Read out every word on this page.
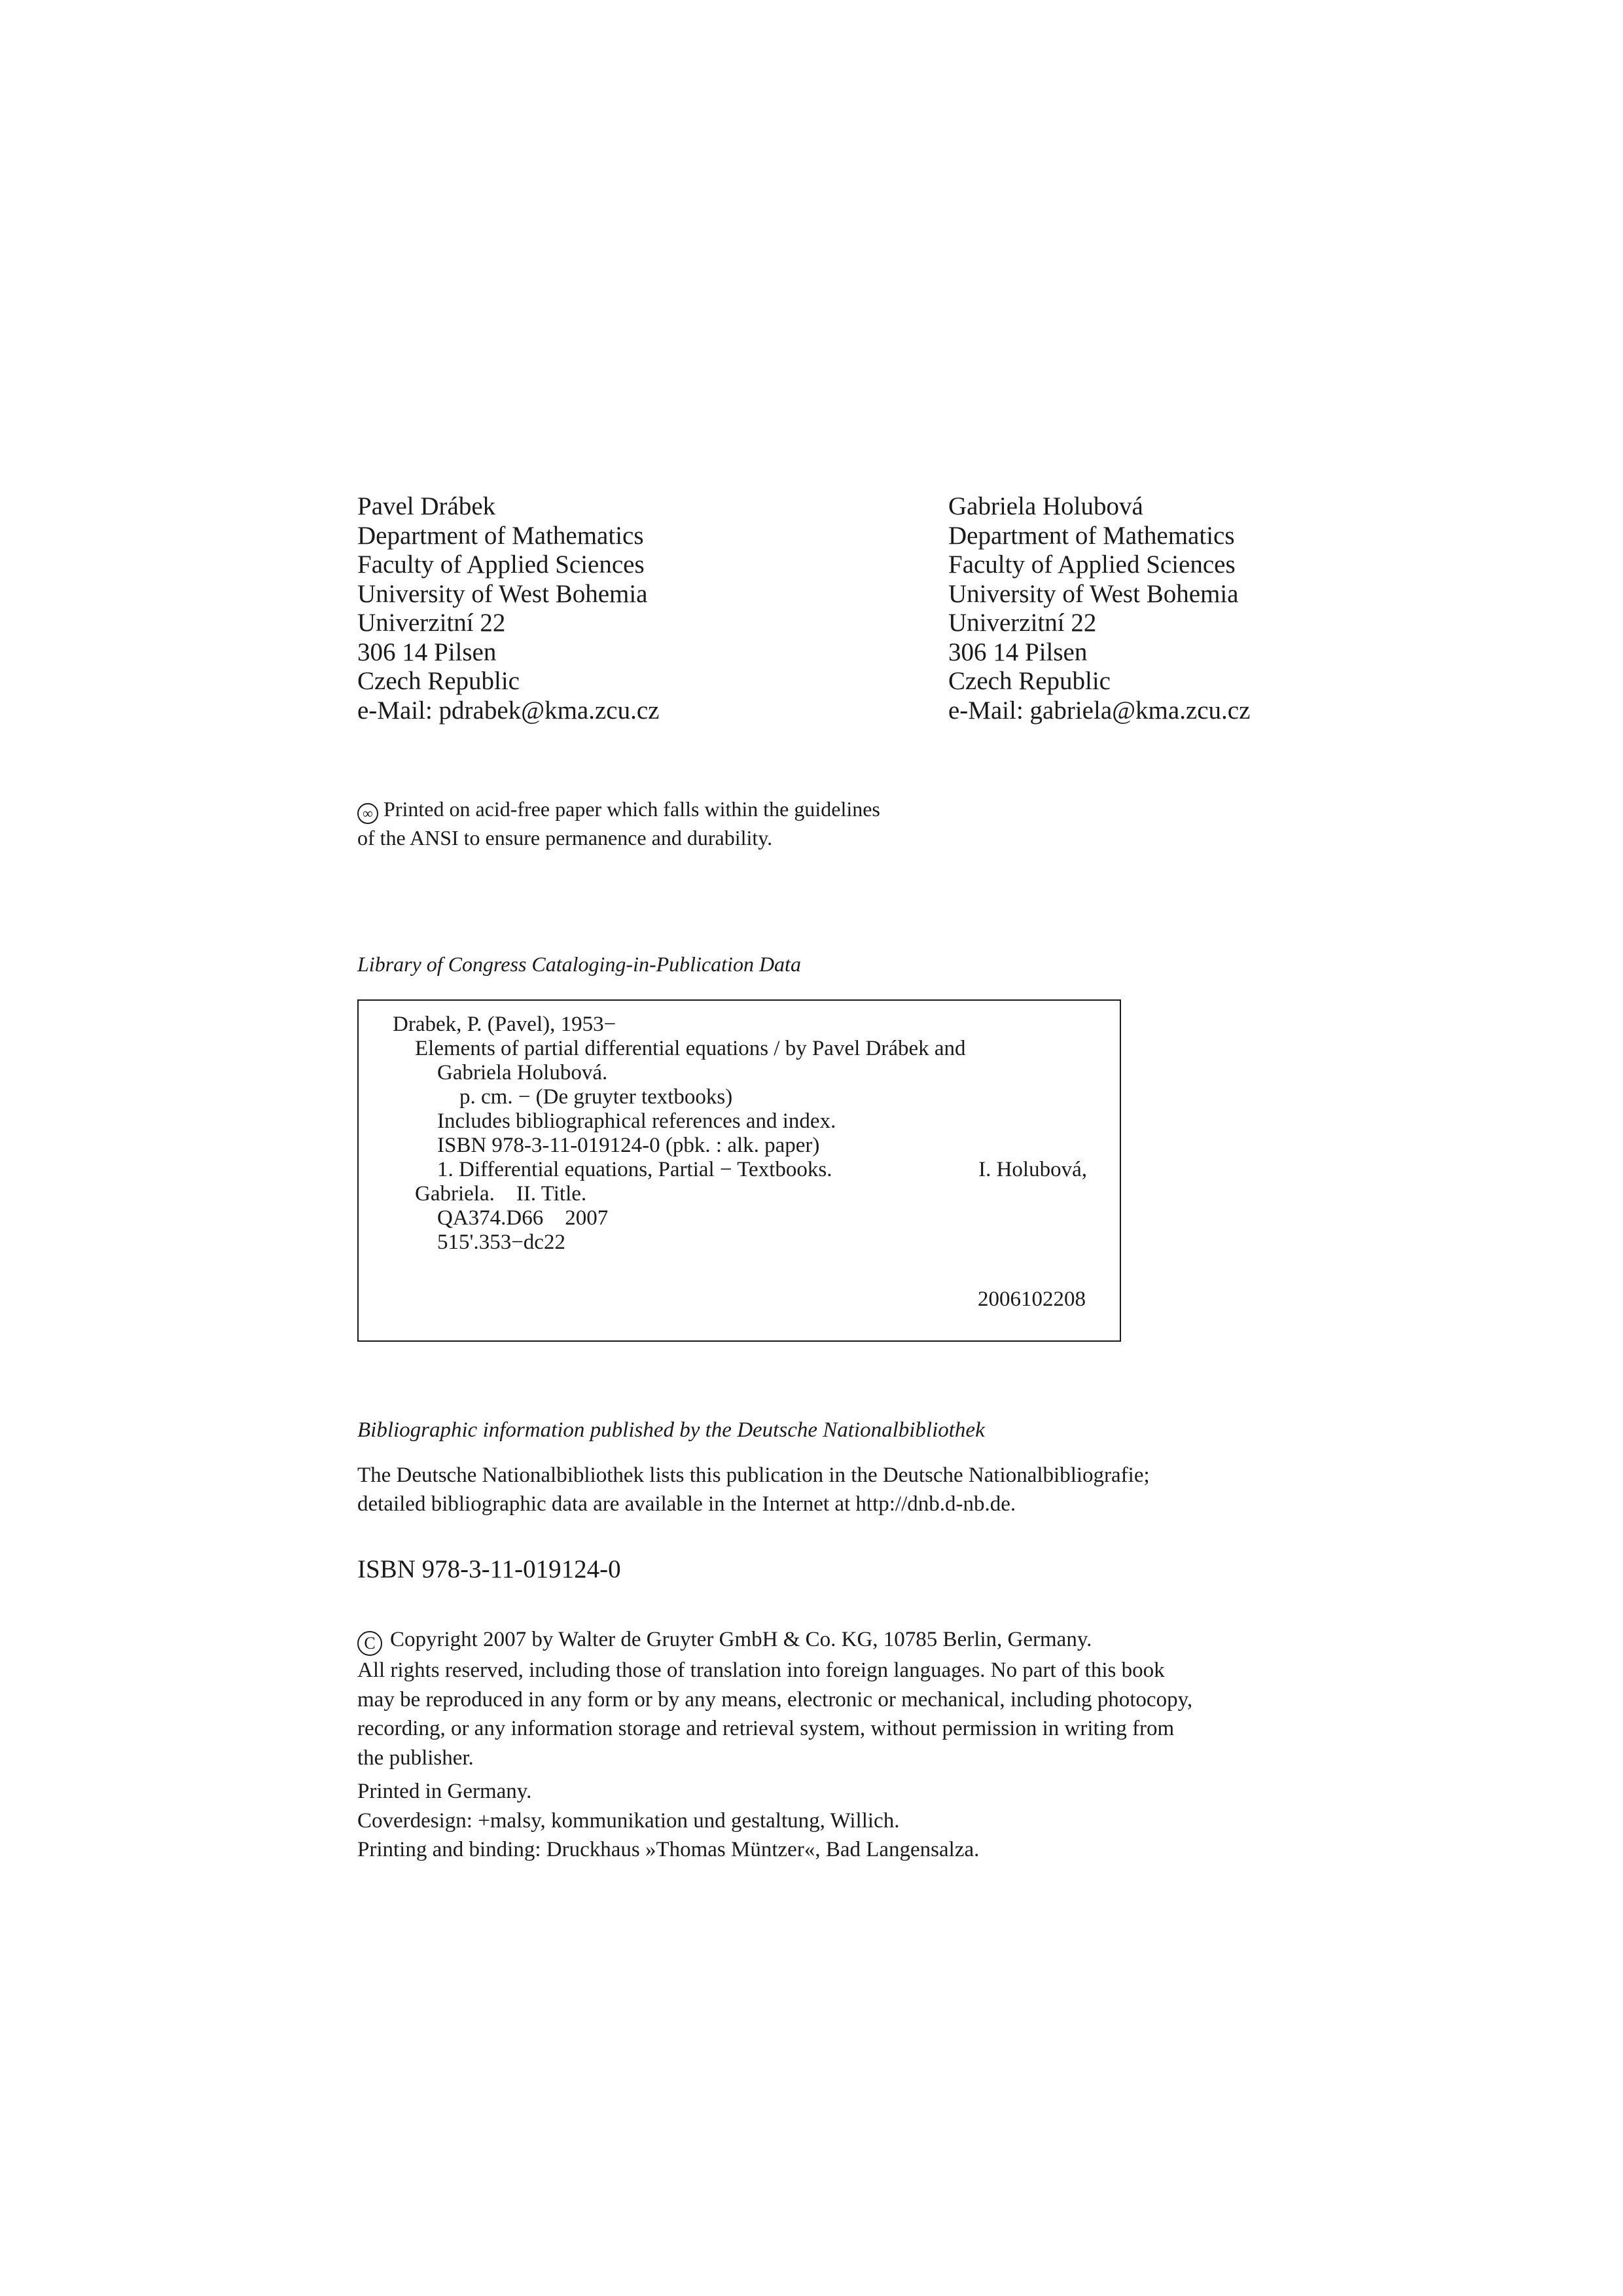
Pavel Drábek
Department of Mathematics
Faculty of Applied Sciences
University of West Bohemia
Univerzitní 22
306 14 Pilsen
Czech Republic
e-Mail: pdrabek@kma.zcu.cz
Gabriela Holubová
Department of Mathematics
Faculty of Applied Sciences
University of West Bohemia
Univerzitní 22
306 14 Pilsen
Czech Republic
e-Mail: gabriela@kma.zcu.cz
∞ Printed on acid-free paper which falls within the guidelines
of the ANSI to ensure permanence and durability.
Library of Congress Cataloging-in-Publication Data
Drabek, P. (Pavel), 1953−
Elements of partial differential equations / by Pavel Drábek and
Gabriela Holubová.
p. cm. − (De gruyter textbooks)
Includes bibliographical references and index.
ISBN 978-3-11-019124-0 (pbk. : alk. paper)
1. Differential equations, Partial − Textbooks.	I. Holubová,
Gabriela.    II. Title.
QA374.D66    2007
515'.353−dc22
2006102208
Bibliographic information published by the Deutsche Nationalbibliothek
The Deutsche Nationalbibliothek lists this publication in the Deutsche Nationalbibliografie;
detailed bibliographic data are available in the Internet at http://dnb.d-nb.de.
ISBN 978-3-11-019124-0
C Copyright 2007 by Walter de Gruyter GmbH & Co. KG, 10785 Berlin, Germany.
All rights reserved, including those of translation into foreign languages. No part of this book
may be reproduced in any form or by any means, electronic or mechanical, including photocopy,
recording, or any information storage and retrieval system, without permission in writing from
the publisher.
Printed in Germany.
Coverdesign: +malsy, kommunikation und gestaltung, Willich.
Printing and binding: Druckhaus »Thomas Müntzer«, Bad Langensalza.
